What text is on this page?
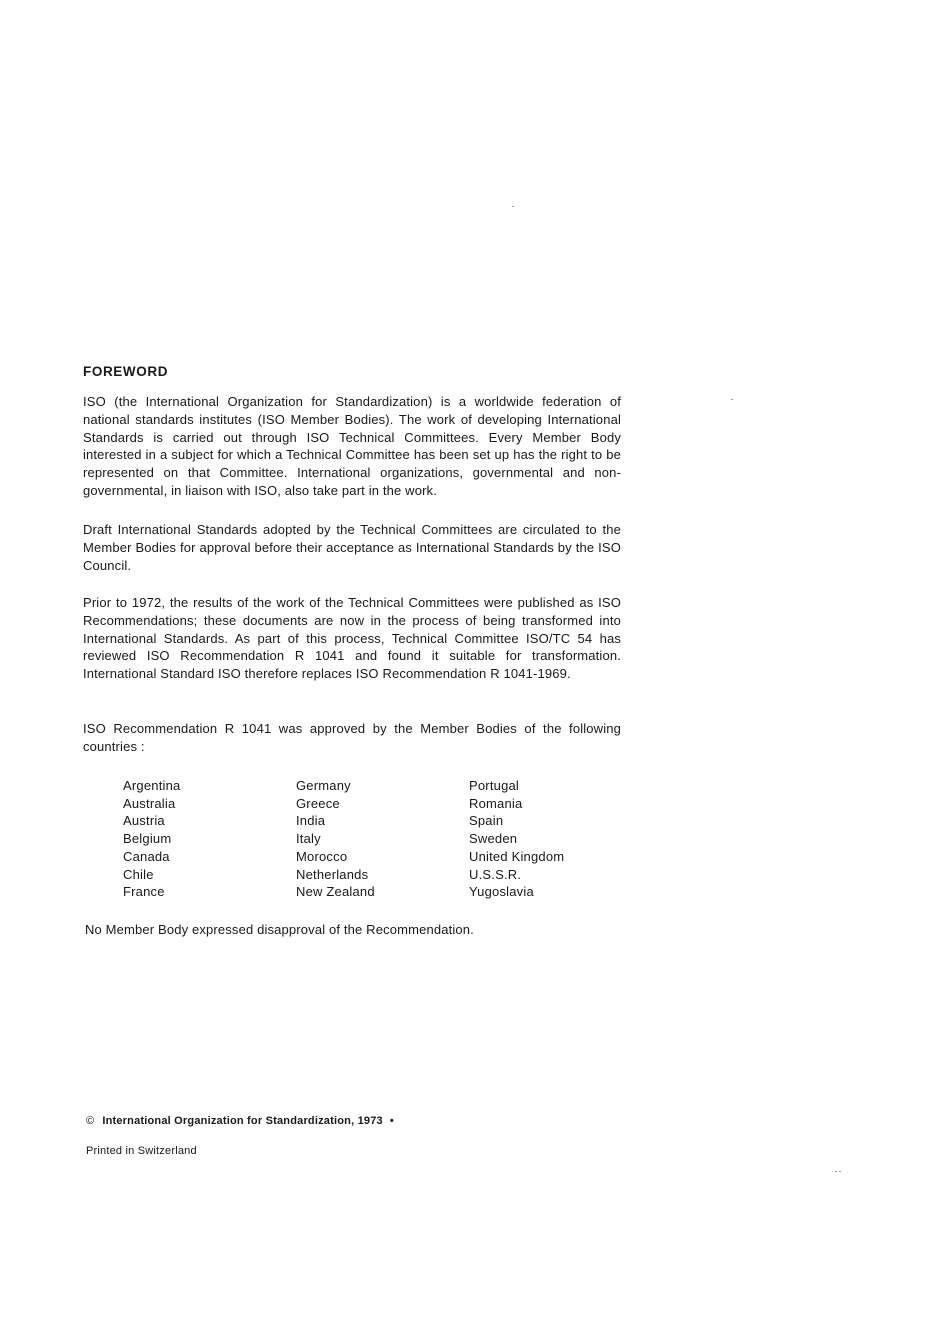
FOREWORD
ISO (the International Organization for Standardization) is a worldwide federation of national standards institutes (ISO Member Bodies). The work of developing International Standards is carried out through ISO Technical Committees. Every Member Body interested in a subject for which a Technical Committee has been set up has the right to be represented on that Committee. International organizations, governmental and non-governmental, in liaison with ISO, also take part in the work.
Draft International Standards adopted by the Technical Committees are circulated to the Member Bodies for approval before their acceptance as International Standards by the ISO Council.
Prior to 1972, the results of the work of the Technical Committees were published as ISO Recommendations; these documents are now in the process of being transformed into International Standards. As part of this process, Technical Committee ISO/TC 54 has reviewed ISO Recommendation R 1041 and found it suitable for transformation. International Standard ISO therefore replaces ISO Recommendation R 1041-1969.
ISO Recommendation R 1041 was approved by the Member Bodies of the following countries :
Argentina
Australia
Austria
Belgium
Canada
Chile
France
Germany
Greece
India
Italy
Morocco
Netherlands
New Zealand
Portugal
Romania
Spain
Sweden
United Kingdom
U.S.S.R.
Yugoslavia
No Member Body expressed disapproval of the Recommendation.
© International Organization for Standardization, 1973 •
Printed in Switzerland
